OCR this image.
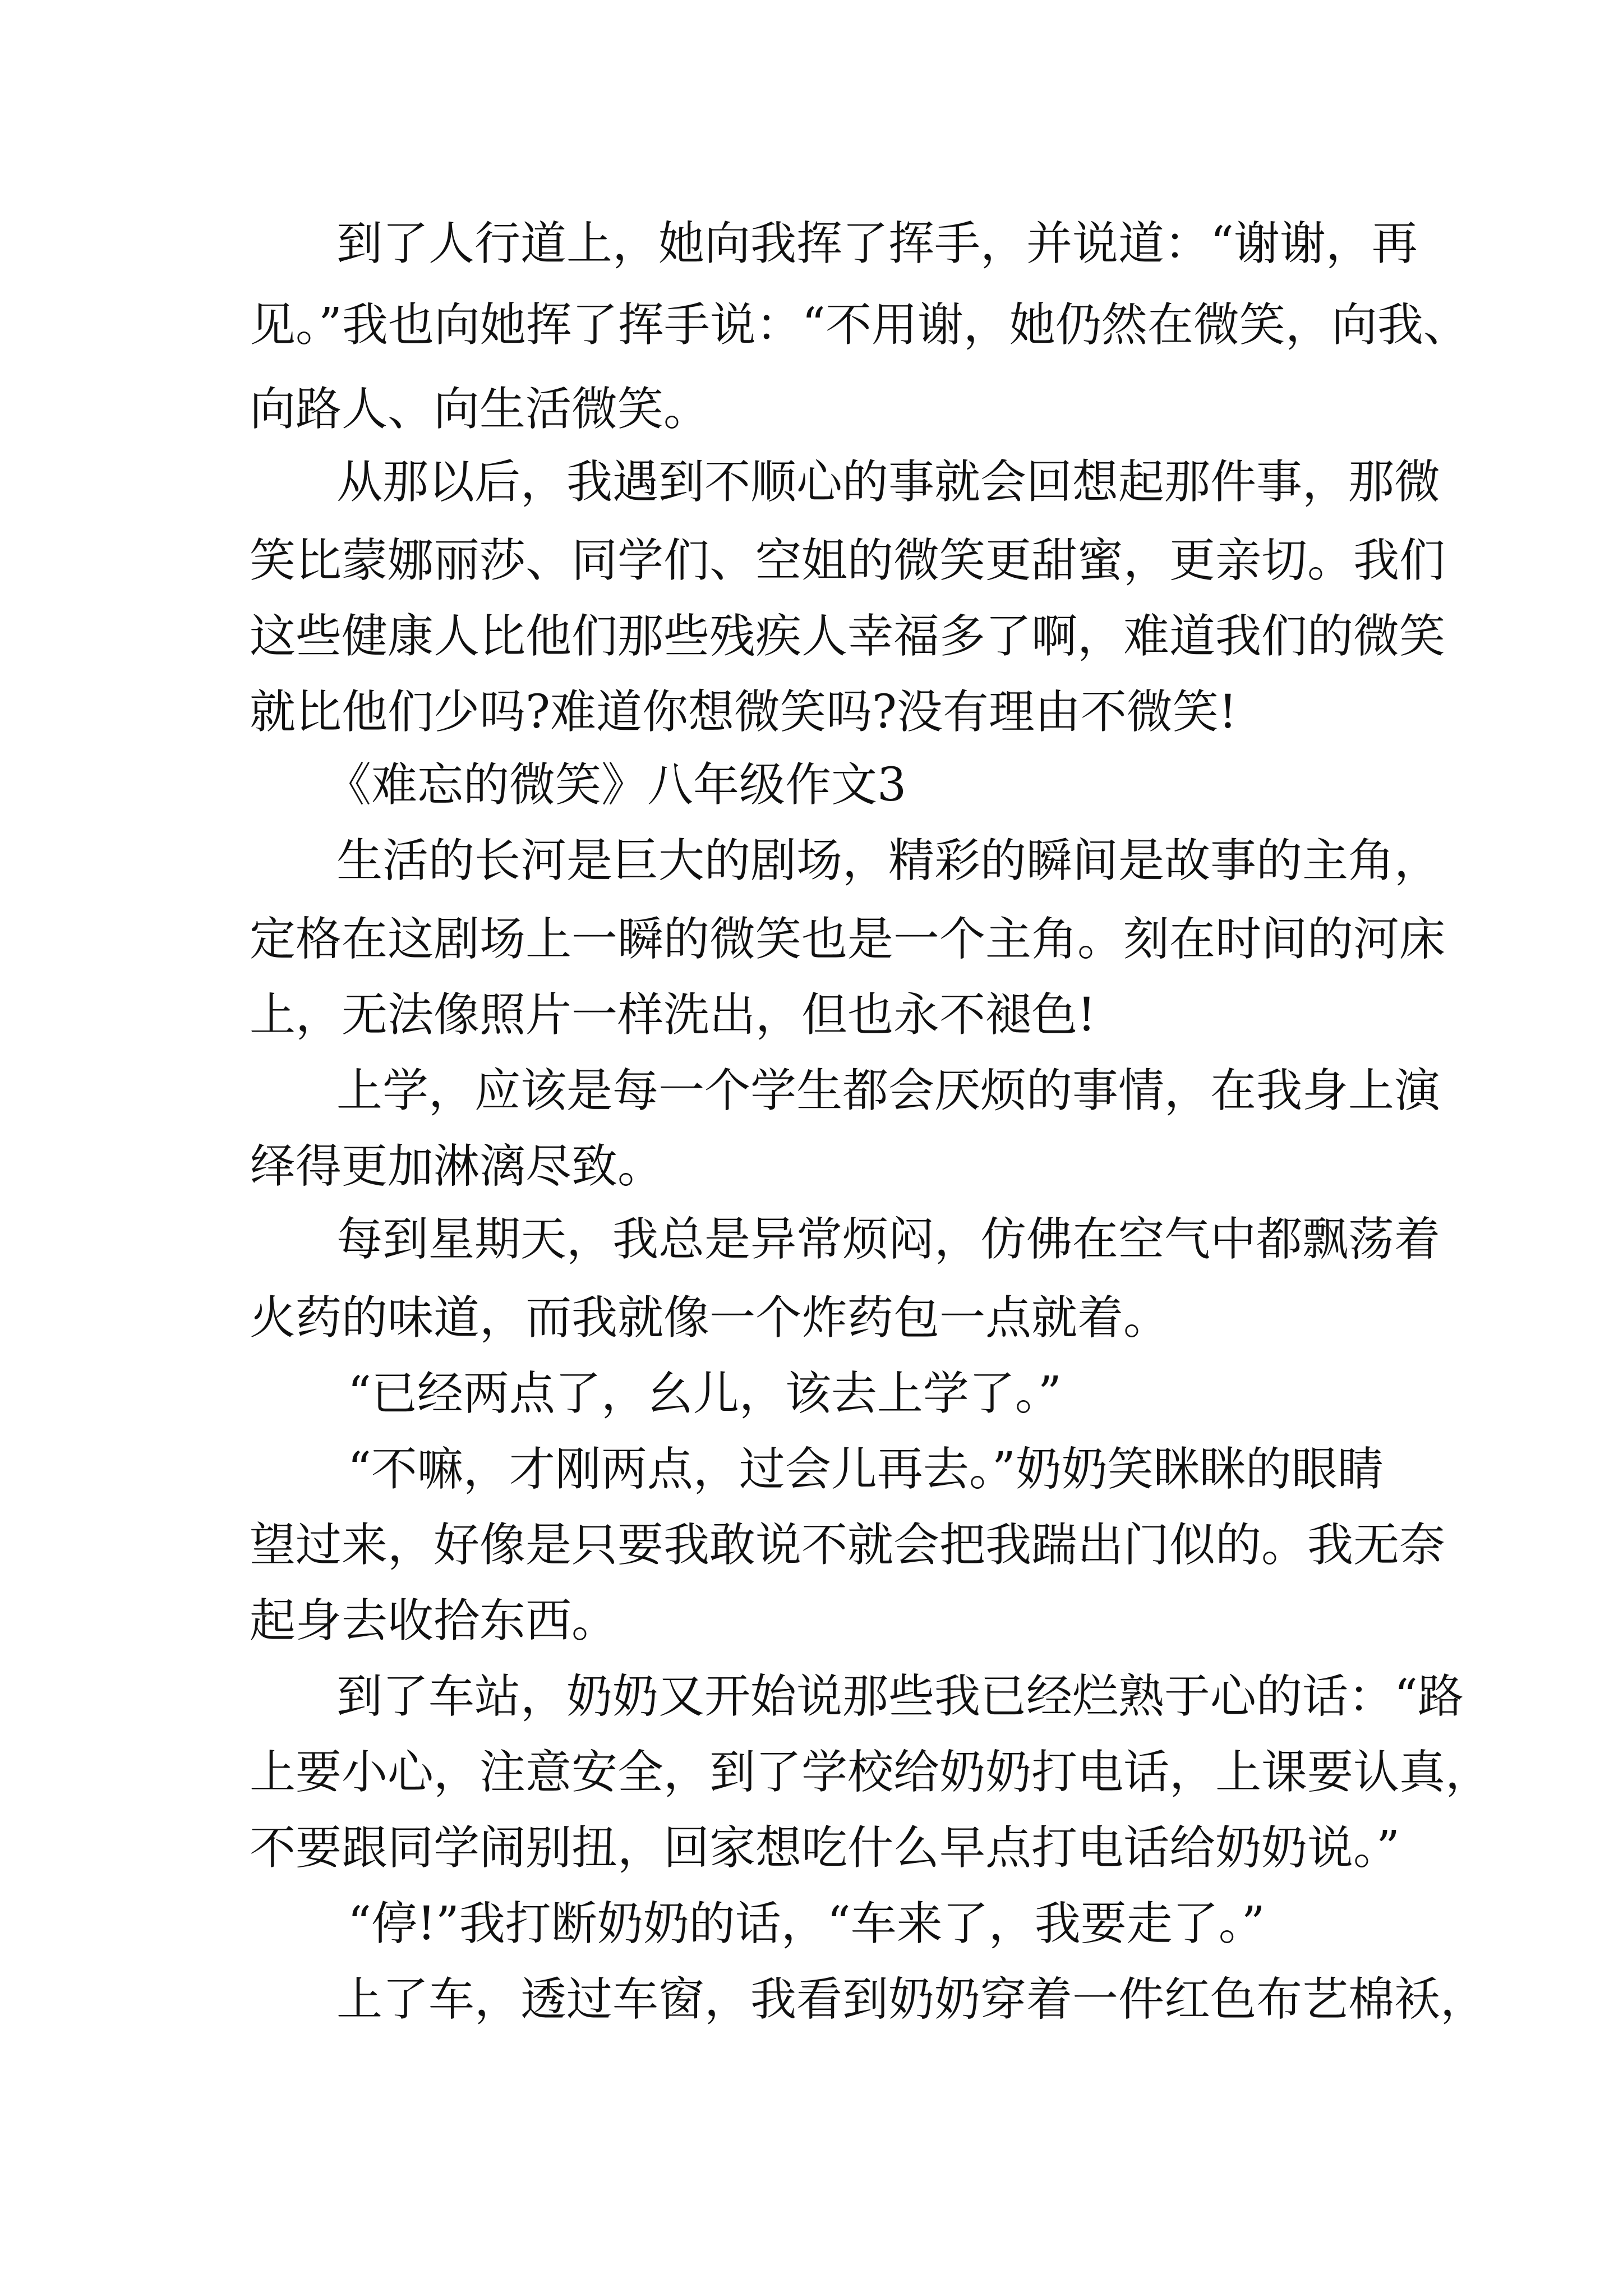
到了人行道上，她向我挥了挥手，并说道：“谢谢，再
见。”我也向她挥了挥手说：“不用谢，她仍然在微笑，向我、
向路人、向生活微笑。
从那以后，我遇到不顺心的事就会回想起那件事，那微
笑比蒙娜丽莎、同学们、空姐的微笑更甜蜜，更亲切。我们
这些健康人比他们那些残疾人幸福多了啊，难道我们的微笑
就比他们少吗?难道你想微笑吗?没有理由不微笑!
《难忘的微笑》八年级作文3
生活的长河是巨大的剧场，精彩的瞬间是故事的主角，
定格在这剧场上一瞬的微笑也是一个主角。刻在时间的河床
上，无法像照片一样洗出，但也永不褪色!
上学，应该是每一个学生都会厌烦的事情，在我身上演
绎得更加淋漓尽致。
每到星期天，我总是异常烦闷，仿佛在空气中都飘荡着
火药的味道，而我就像一个炸药包一点就着。
“已经两点了，幺儿，该去上学了。”
“不嘛，才刚两点，过会儿再去。”奶奶笑眯眯的眼睛
望过来，好像是只要我敢说不就会把我踹出门似的。我无奈
起身去收拾东西。
到了车站，奶奶又开始说那些我已经烂熟于心的话：“路
上要小心，注意安全，到了学校给奶奶打电话，上课要认真，
不要跟同学闹别扭，回家想吃什么早点打电话给奶奶说。”
“停!”我打断奶奶的话，“车来了，我要走了。”
上了车，透过车窗，我看到奶奶穿着一件红色布艺棉袄，
